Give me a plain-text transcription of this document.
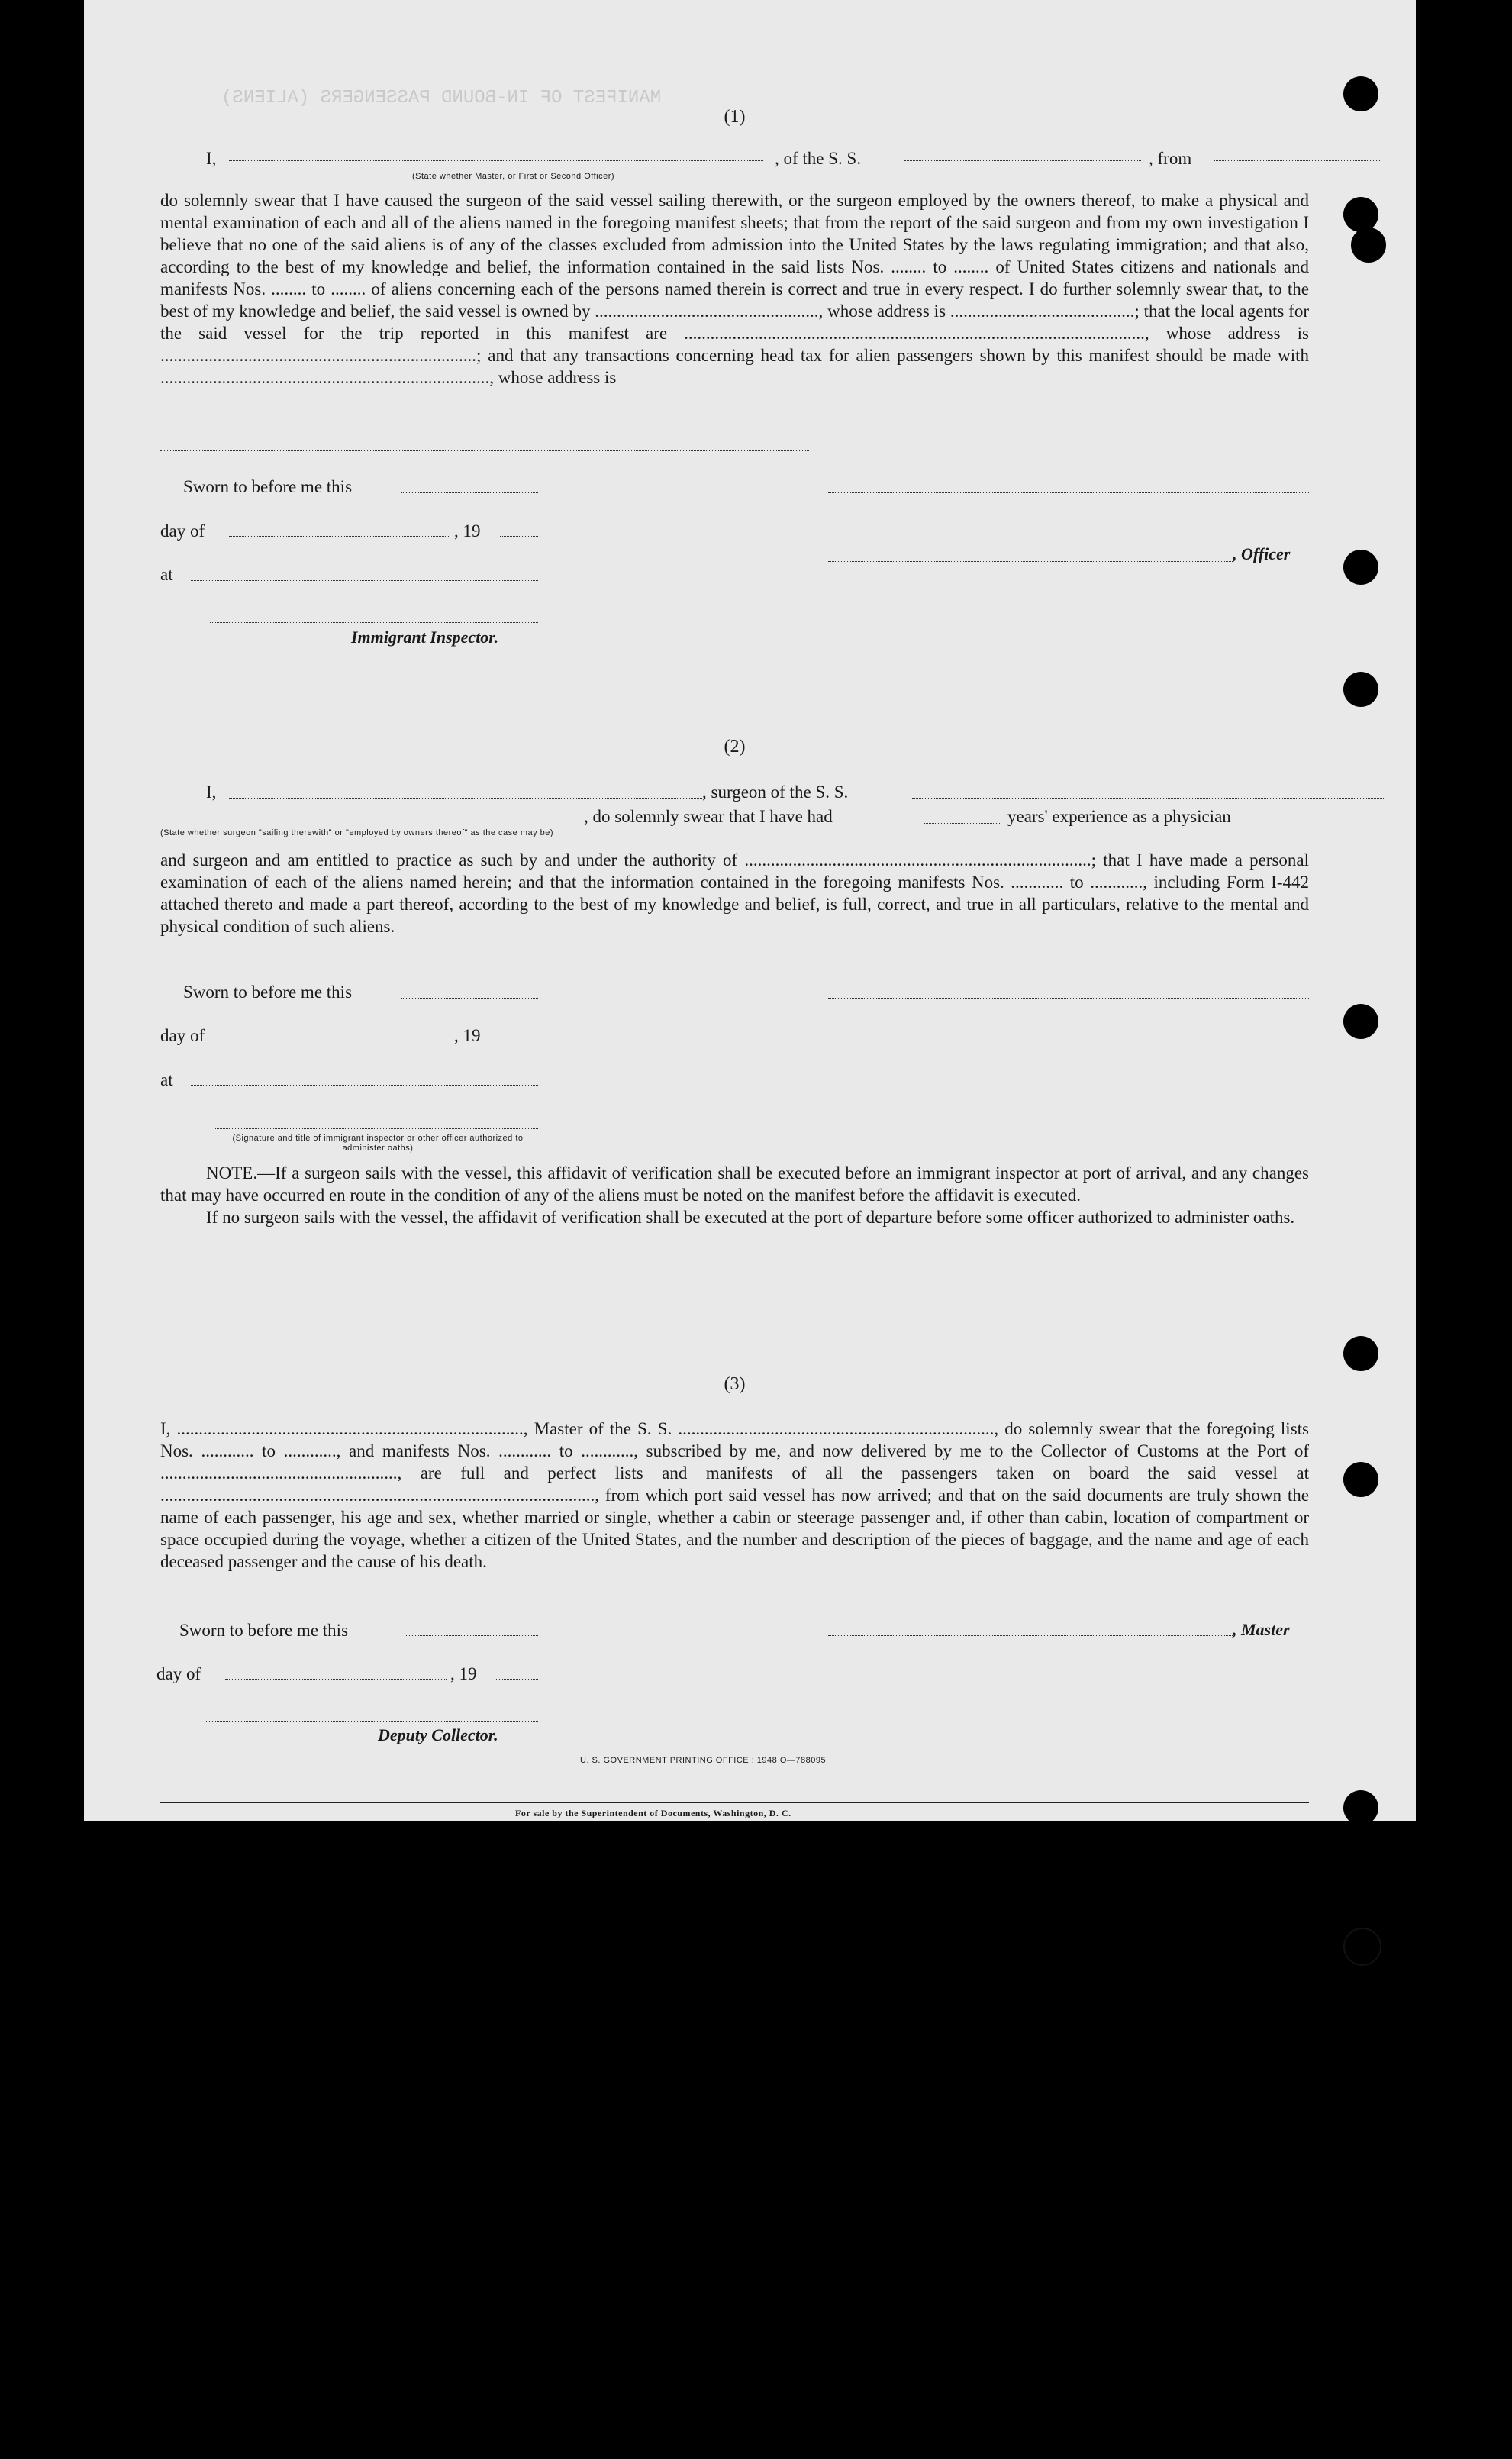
MANIFEST OF IN-BOUND PASSENGERS (ALIENS)
(1)
I,	, of the S. S.	, from
(State whether Master, or First or Second Officer)

do solemnly swear that I have caused the surgeon of the said vessel sailing therewith, or the surgeon employed by the owners thereof, to make a physical and mental examination of each and all of the aliens named in the foregoing manifest sheets; that from the report of the said surgeon and from my own investigation I believe that no one of the said aliens is of any of the classes excluded from admission into the United States by the laws regulating immigration; and that also, according to the best of my knowledge and belief, the information contained in the said lists Nos. ........ to ........ of United States citizens and nationals and manifests Nos. ........ to ........ of aliens concerning each of the persons named therein is correct and true in every respect. I do further solemnly swear that, to the best of my knowledge and belief, the said vessel is owned by ..................................................., whose address is ..........................................; that the local agents for the said vessel for the trip reported in this manifest are ........................................................................................................., whose address is ........................................................................; and that any transactions concerning head tax for alien passengers shown by this manifest should be made with ..........................................................................., whose address is

Sworn to before me this
day of	, 19
, Officer
at
Immigrant Inspector.
(2)
I,	, surgeon of the S. S.
, do solemnly swear that I have had	years' experience as a physician
(State whether surgeon "sailing therewith" or "employed by owners thereof" as the case may be)

and surgeon and am entitled to practice as such by and under the authority of ...............................................................................; that I have made a personal examination of each of the aliens named herein; and that the information contained in the foregoing manifests Nos. ............ to ............, including Form I-442 attached thereto and made a part thereof, according to the best of my knowledge and belief, is full, correct, and true in all particulars, relative to the mental and physical condition of such aliens.

Sworn to before me this
day of	, 19
at
(Signature and title of immigrant inspector or other officer authorized to administer oaths)

NOTE.—If a surgeon sails with the vessel, this affidavit of verification shall be executed before an immigrant inspector at port of arrival, and any changes that may have occurred en route in the condition of any of the aliens must be noted on the manifest before the affidavit is executed.

If no surgeon sails with the vessel, the affidavit of verification shall be executed at the port of departure before some officer authorized to administer oaths.

(3)

I, ..............................................................................., Master of the S. S. ........................................................................, do solemnly swear that the foregoing lists Nos. ............ to ............, and manifests Nos. ............ to ............, subscribed by me, and now delivered by me to the Collector of Customs at the Port of ......................................................, are full and perfect lists and manifests of all the passengers taken on board the said vessel at ..................................................................................................., from which port said vessel has now arrived; and that on the said documents are truly shown the name of each passenger, his age and sex, whether married or single, whether a cabin or steerage passenger and, if other than cabin, location of compartment or space occupied during the voyage, whether a citizen of the United States, and the number and description of the pieces of baggage, and the name and age of each deceased passenger and the cause of his death.

Sworn to before me this	, Master
day of	, 19
Deputy Collector.
U. S. GOVERNMENT PRINTING OFFICE : 1948 O—788095
For sale by the Superintendent of Documents, Washington, D. C.
